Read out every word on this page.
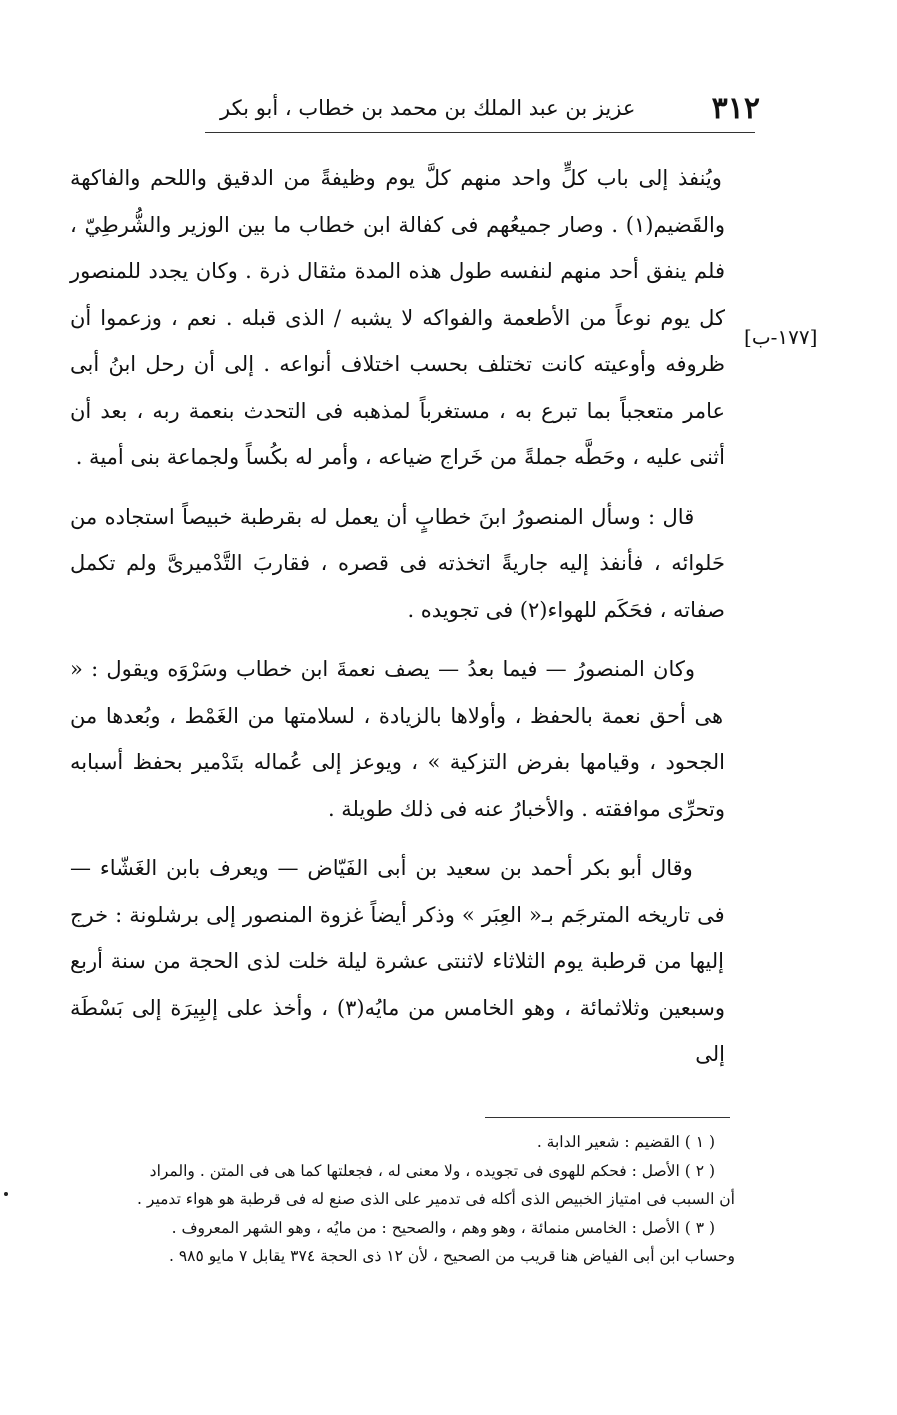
٣١٢
عزيز بن عبد الملك بن محمد بن خطاب ، أبو بكر
[١٧٧-ب]

ويُنفذ إلى باب كلٍّ واحد منهم كلَّ يوم وظيفةً من الدقيق واللحم والفاكهة والقَضيم(١) . وصار جميعُهم فى كفالة ابن خطاب ما بين الوزير والشُّرطِيّ ، فلم ينفق أحد منهم لنفسه طول هذه المدة مثقال ذرة . وكان يجدد للمنصور كل يوم نوعاً من الأطعمة والفواكه لا يشبه / الذى قبله . نعم ، وزعموا أن ظروفه وأوعيته كانت تختلف بحسب اختلاف أنواعه . إلى أن رحل ابنُ أبى عامر متعجباً بما تبرع به ، مستغرباً لمذهبه فى التحدث بنعمة ربه ، بعد أن أثنى عليه ، وحَطَّه جملةً من خَراج ضياعه ، وأمر له بكُساً ولجماعة بنى أمية .

قال : وسأل المنصورُ ابنَ خطابٍ أن يعمل له بقرطبة خبيصاً استجاده من حَلوائه ، فأنفذ إليه جاريةً اتخذته فى قصره ، فقاربَ التَّدْميرىَّ ولم تكمل صفاته ، فحَكَم للهواء(٢) فى تجويده .

وكان المنصورُ — فيما بعدُ — يصف نعمةَ ابن خطاب وسَرْوَه ويقول : « هى أحق نعمة بالحفظ ، وأولاها بالزيادة ، لسلامتها من الغَمْط ، وبُعدها من الجحود ، وقيامها بفرض التزكية » ، ويوعز إلى عُماله بتَدْمير بحفظ أسبابه وتحرِّى موافقته . والأخبارُ عنه فى ذلك طويلة .

وقال أبو بكر أحمد بن سعيد بن أبى الفَيّاض — ويعرف بابن الغَشّاء — فى تاريخه المترجَم بـ« العِبَر » وذكر أيضاً غزوة المنصور إلى برشلونة : خرج إليها من قرطبة يوم الثلاثاء لاثنتى عشرة ليلة خلت لذى الحجة من سنة أربع وسبعين وثلاثمائة ، وهو الخامس من مايُه(٣) ، وأخذ على إلبِيرَة إلى بَسْطَة إلى

( ١ ) القضيم : شعير الدابة .

( ٢ ) الأصل : فحكم للهوى فى تجويده ، ولا معنى له ، فجعلتها كما هى فى المتن . والمراد

أن السبب فى امتياز الخبيص الذى أكله فى تدمير على الذى صنع له فى قرطبة هو هواء تدمير .

( ٣ ) الأصل : الخامس منمائة ، وهو وهم ، والصحيح : من مايُه ، وهو الشهر المعروف .

وحساب ابن أبى الفياض هنا قريب من الصحيح ، لأن ١٢ ذى الحجة ٣٧٤ يقابل ٧ مايو ٩٨٥ .
